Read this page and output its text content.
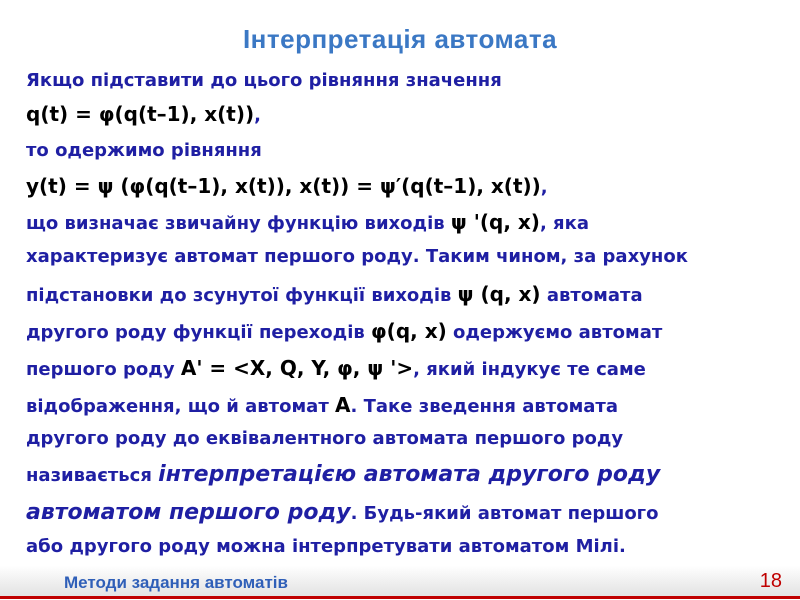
Інтерпретація автомата
Якщо підставити до цього рівняння значення
q(t) = φ(q(t–1), x(t)),
то одержимо рівняння
y(t) = ψ (φ(q(t–1), x(t)), x(t)) = ψ′(q(t–1), x(t)),
що визначає звичайну функцію виходів ψ '(q, x), яка
характеризує автомат першого роду. Таким чином, за рахунок
підстановки до зсунутої функції виходів ψ (q, x) автомата
другого роду функції переходів φ(q, x) одержуємо автомат
першого роду A' = <X, Q, Y, φ, ψ '>, який індукує те саме
відображення, що й автомат A. Таке зведення автомата
другого роду до еквівалентного автомата першого роду
називається інтерпретацією автомата другого роду
автоматом першого роду. Будь-який автомат першого
або другого роду можна інтерпретувати автоматом Мілі.
Методи задання автоматів	18
